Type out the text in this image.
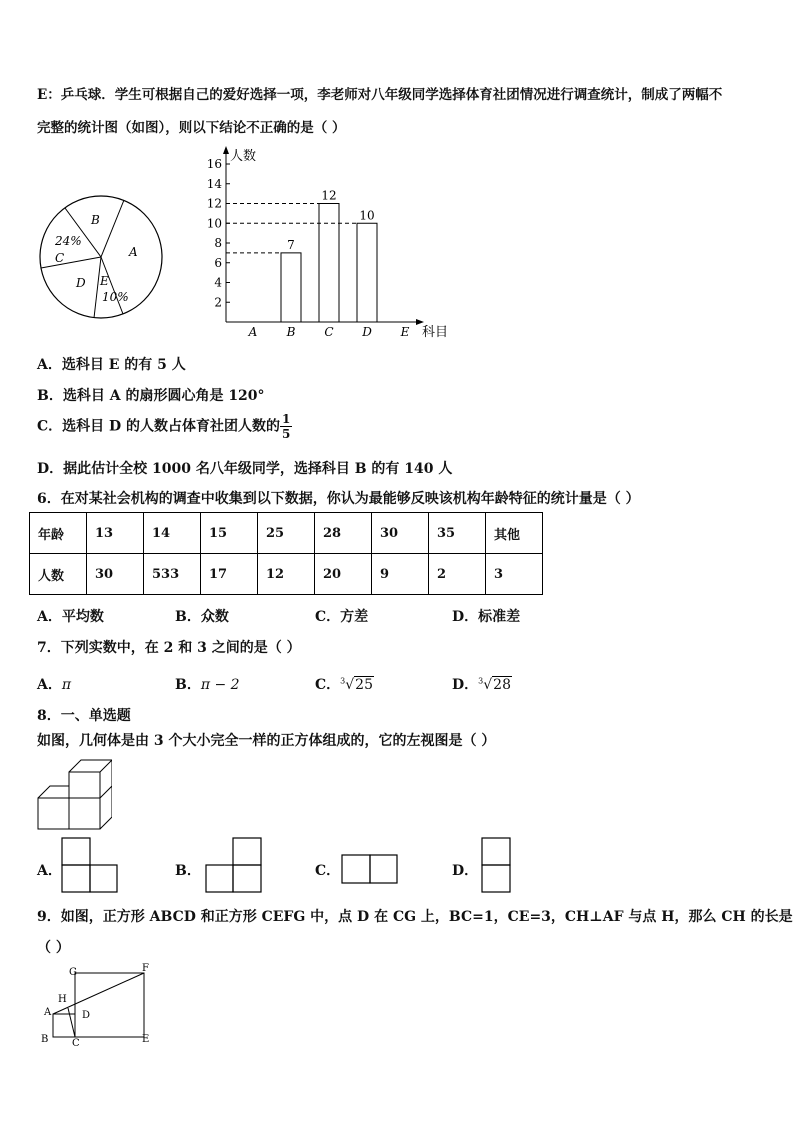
E：乒乓球．学生可根据自己的爱好选择一项，李老师对八年级同学选择体育社团情况进行调查统计，制成了两幅不
完整的统计图（如图），则以下结论不正确的是（ ）
B
A
24%
C
D E
10%
人数
科目
16
14
12
10
8
6
4
2
A B C D E
7
12
10
A．选科目 E 的有 5 人
B．选科目 A 的扇形圆心角是 120°
C．选科目 D 的人数占体育社团人数的 $\frac{1}{5}$
D．据此估计全校 1000 名八年级同学，选择科目 B 的有 140 人
6．在对某社会机构的调查中收集到以下数据，你认为最能够反映该机构年龄特征的统计量是（ ）
年龄	13	14	15	25	28	30	35	其他
人数	30	533	17	12	20	9	2	3
A．平均数	B．众数	C．方差	D．标准差
7．下列实数中，在 2 和 3 之间的是（ ）
A．π	B．π − 2	C．$^3$√25	D．$^3$√28
8．一、单选题
如图，几何体是由 3 个大小完全一样的正方体组成的，它的左视图是（ ）
A．	B．	C．	D．
9．如图，正方形 ABCD 和正方形 CEFG 中，点 D 在 CG 上，BC=1，CE=3，CH⊥AF 与点 H，那么 CH 的长是
（ ）
G	F
H
A	D
B C	E
